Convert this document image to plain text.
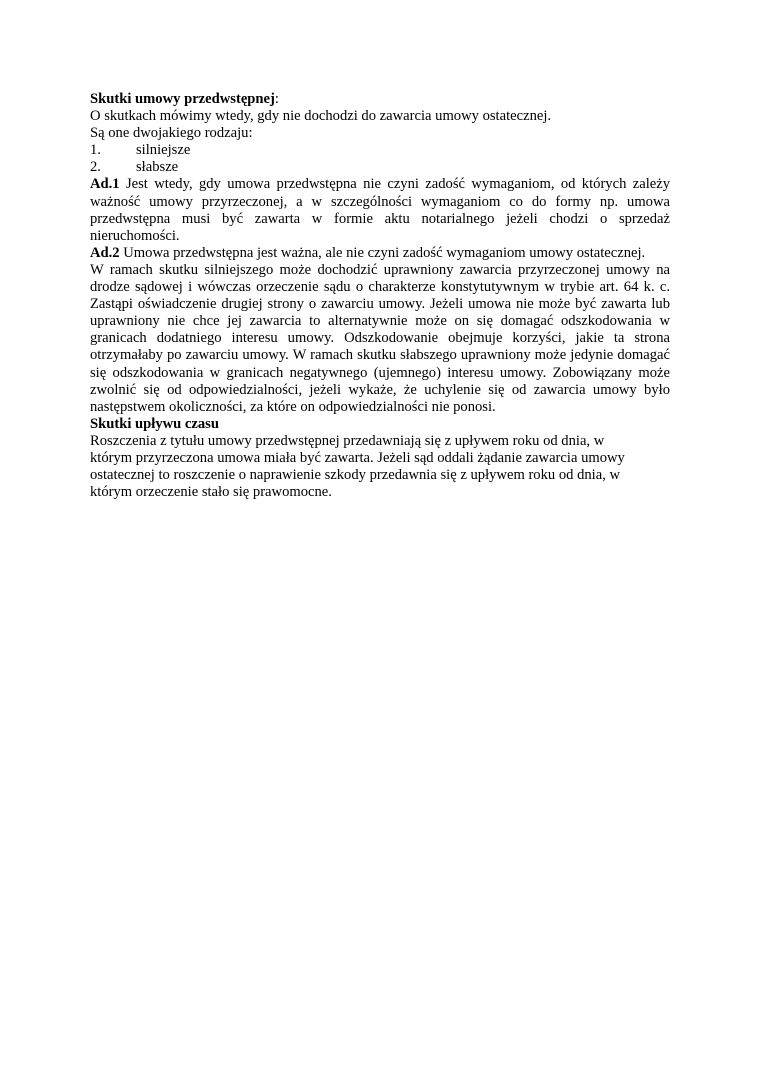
Skutki umowy przedwstępnej:

O skutkach mówimy wtedy, gdy nie dochodzi do zawarcia umowy ostatecznej.

Są one dwojakiego rodzaju:

1.	silniejsze
2.	słabsze

Ad.1 Jest wtedy, gdy umowa przedwstępna nie czyni zadość wymaganiom, od których zależy ważność umowy przyrzeczonej, a w szczególności wymaganiom co do formy np. umowa przedwstępna musi być zawarta w formie aktu notarialnego jeżeli chodzi o sprzedaż nieruchomości.

Ad.2 Umowa przedwstępna jest ważna, ale nie czyni zadość wymaganiom umowy ostatecznej.

W ramach skutku silniejszego może dochodzić uprawniony zawarcia przyrzeczonej umowy na drodze sądowej i wówczas orzeczenie sądu o charakterze konstytutywnym w trybie art. 64 k. c. Zastąpi oświadczenie drugiej strony o zawarciu umowy. Jeżeli umowa nie może być zawarta lub uprawniony nie chce jej zawarcia to alternatywnie może on się domagać odszkodowania w granicach dodatniego interesu umowy. Odszkodowanie obejmuje korzyści, jakie ta strona otrzymałaby po zawarciu umowy. W ramach skutku słabszego uprawniony może jedynie domagać się odszkodowania w granicach negatywnego (ujemnego) interesu umowy. Zobowiązany może zwolnić się od odpowiedzialności, jeżeli wykaże, że uchylenie się od zawarcia umowy było następstwem okoliczności, za które on odpowiedzialności nie ponosi.

Skutki upływu czasu

Roszczenia z tytułu umowy przedwstępnej przedawniają się z upływem roku od dnia, w

którym przyrzeczona umowa miała być zawarta. Jeżeli sąd oddali żądanie zawarcia umowy

ostatecznej to roszczenie o naprawienie szkody przedawnia się z upływem roku od dnia, w

którym orzeczenie stało się prawomocne.
